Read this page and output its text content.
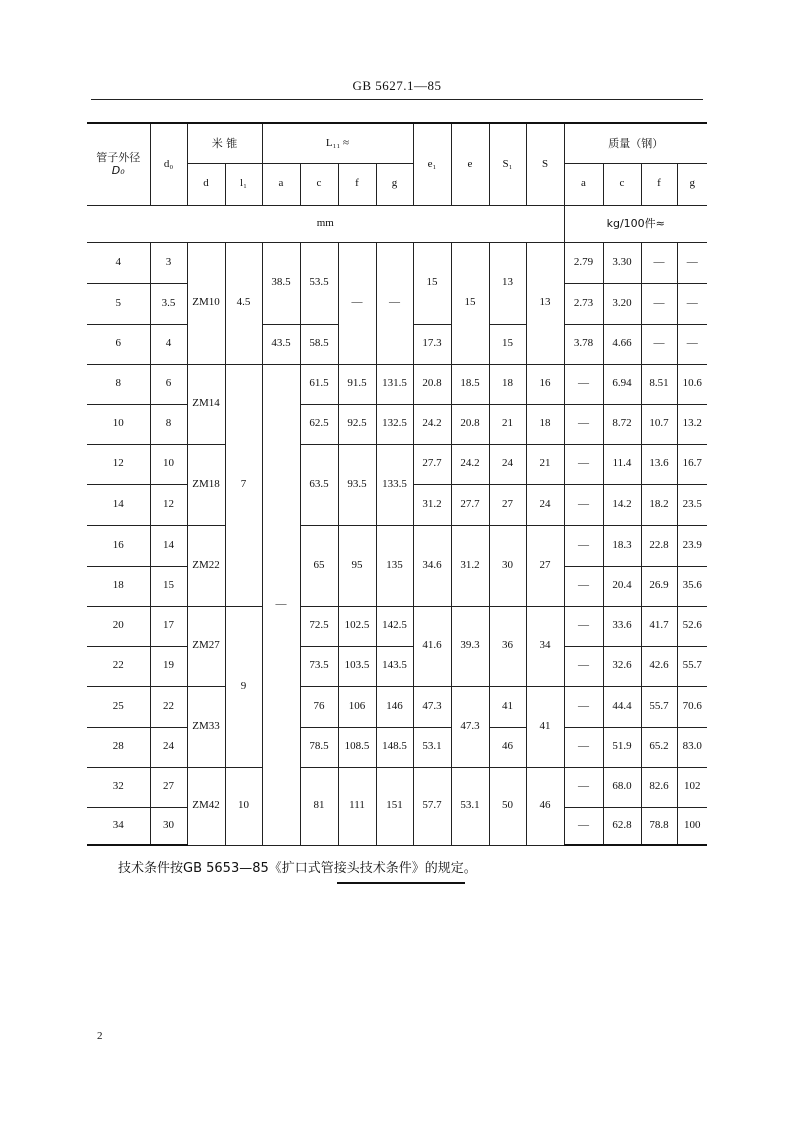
GB 5627.1—85
管子外径
D₀	d₀	米 锥		L₁₁ ≈				e₁	e	S₁	S	质量（钢）			
		d	l₁	a	c	f	g					a	c	f	g
mm												kg/100件≈			
4	3	ZM10	4.5	38.5	53.5	—	—	15	15	13	13	2.79	3.30	—	—
5	3.5											2.73	3.20	—	—
6	4			43.5	58.5			17.3		15		3.78	4.66	—	—
8	6	ZM14	7	—	61.5	91.5	131.5	20.8	18.5	18	16	—	6.94	8.51	10.6
10	8				62.5	92.5	132.5	24.2	20.8	21	18	—	8.72	10.7	13.2
12	10	ZM18			63.5	93.5	133.5	27.7	24.2	24	21	—	11.4	13.6	16.7
14	12							31.2	27.7	27	24	—	14.2	18.2	23.5
16	14	ZM22			65	95	135	34.6	31.2	30	27	—	18.3	22.8	23.9
18	15											—	20.4	26.9	35.6
20	17	ZM27	9		72.5	102.5	142.5	41.6	39.3	36	34	—	33.6	41.7	52.6
22	19				73.5	103.5	143.5					—	32.6	42.6	55.7
25	22	ZM33			76	106	146	47.3	47.3	41	41	—	44.4	55.7	70.6
28	24				78.5	108.5	148.5	53.1		46		—	51.9	65.2	83.0
32	27	ZM42	10		81	111	151	57.7	53.1	50	46	—	68.0	82.6	102
34	30											—	62.8	78.8	100
技术条件按GB 5653—85《扩口式管接头技术条件》的规定。
2
